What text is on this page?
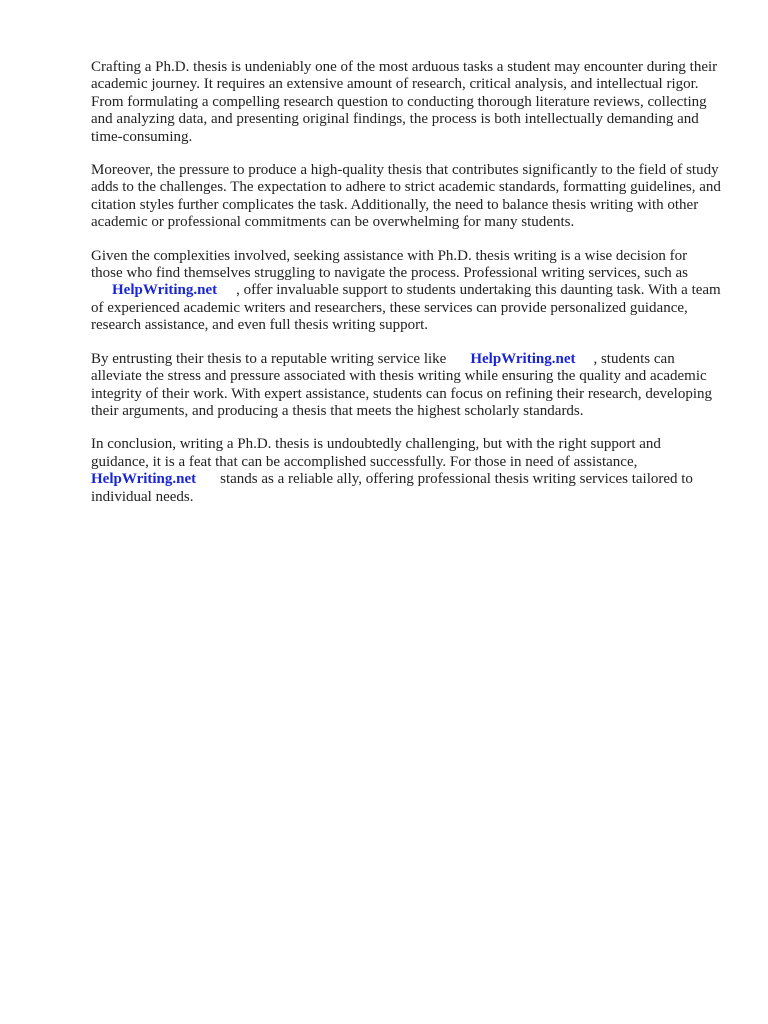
Crafting a Ph.D. thesis is undeniably one of the most arduous tasks a student may encounter during their academic journey. It requires an extensive amount of research, critical analysis, and intellectual rigor. From formulating a compelling research question to conducting thorough literature reviews, collecting and analyzing data, and presenting original findings, the process is both intellectually demanding and time-consuming.

Moreover, the pressure to produce a high-quality thesis that contributes significantly to the field of study adds to the challenges. The expectation to adhere to strict academic standards, formatting guidelines, and citation styles further complicates the task. Additionally, the need to balance thesis writing with other academic or professional commitments can be overwhelming for many students.

Given the complexities involved, seeking assistance with Ph.D. thesis writing is a wise decision for those who find themselves struggling to navigate the process. Professional writing services, such as
HelpWriting.net , offer invaluable support to students undertaking this daunting task. With a team of experienced academic writers and researchers, these services can provide personalized guidance, research assistance, and even full thesis writing support.

By entrusting their thesis to a reputable writing service like HelpWriting.net , students can alleviate the stress and pressure associated with thesis writing while ensuring the quality and academic integrity of their work. With expert assistance, students can focus on refining their research, developing their arguments, and producing a thesis that meets the highest scholarly standards.

In conclusion, writing a Ph.D. thesis is undoubtedly challenging, but with the right support and guidance, it is a feat that can be accomplished successfully. For those in need of assistance,
HelpWriting.net stands as a reliable ally, offering professional thesis writing services tailored to individual needs.
